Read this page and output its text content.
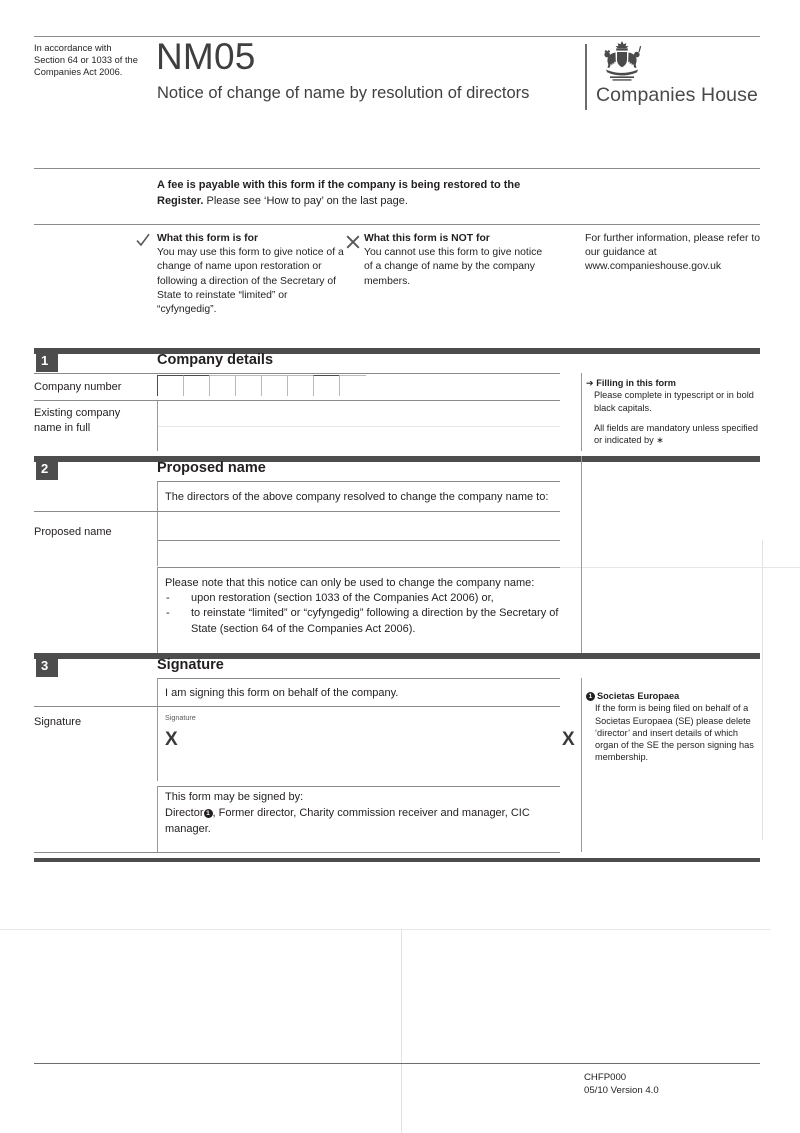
In accordance with Section 64 or 1033 of the Companies Act 2006. NM05
Notice of change of name by resolution of directors	Companies House
A fee is payable with this form if the company is being restored to the Register. Please see ‘How to pay’ on the last page.
What this form is for
You may use this form to give notice of a change of name upon restoration or following a direction of the Secretary of State to reinstate “limited” or “cyfyngedig”.
What this form is NOT for
You cannot use this form to give notice of a change of name by the company members.
For further information, please refer to our guidance at www.companieshouse.gov.uk
1	Company details
Company number
Existing company name in full
➔ Filling in this form
Please complete in typescript or in bold black capitals.
All fields are mandatory unless specified or indicated by ∗
2	Proposed name
The directors of the above company resolved to change the company name to:
Proposed name
Please note that this notice can only be used to change the company name:
- upon restoration (section 1033 of the Companies Act 2006) or,
- to reinstate “limited” or “cyfyngedig” following a direction by the Secretary of State (section 64 of the Companies Act 2006).
3	Signature
I am signing this form on behalf of the company.
Signature	Signature
X	X
This form may be signed by:
Director 1 , Former director, Charity commission receiver and manager, CIC manager.
1 Societas Europaea
If the form is being filed on behalf of a Societas Europaea (SE) please delete ‘director’ and insert details of which organ of the SE the person signing has membership.
CHFP000
05/10 Version 4.0
